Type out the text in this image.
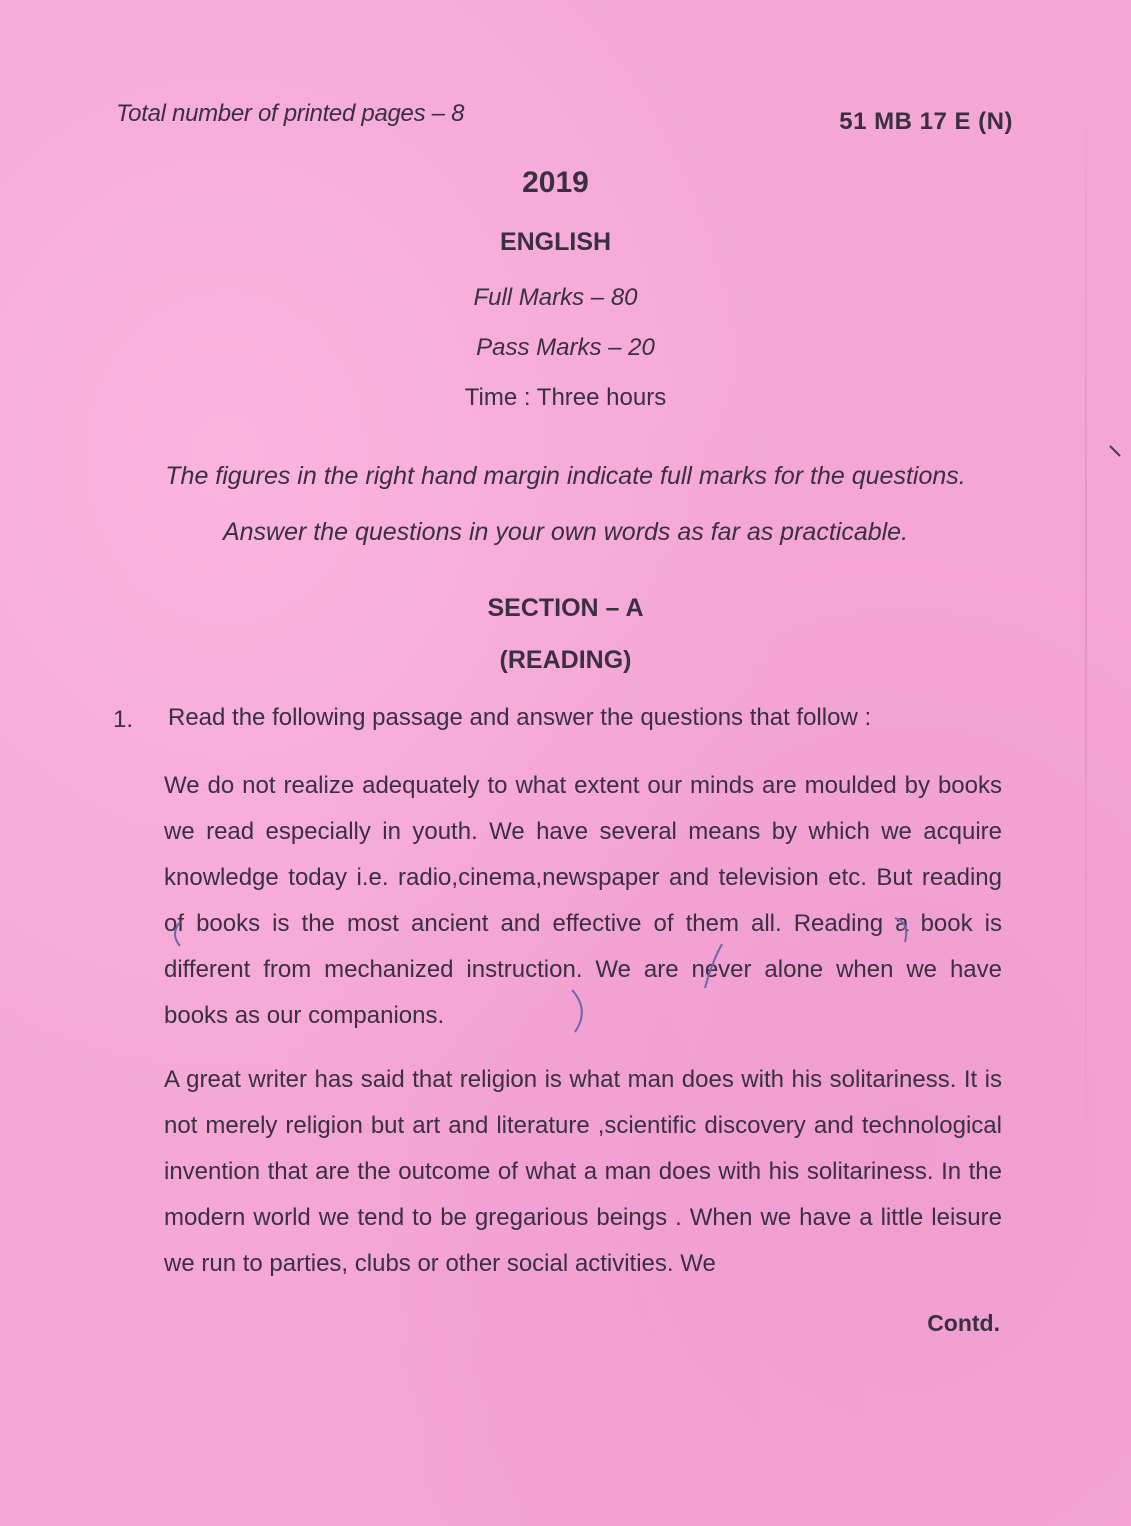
Total number of printed pages – 8	51 MB 17 E (N)
2019
ENGLISH
Full Marks – 80
Pass Marks – 20
Time : Three hours
The figures in the right hand margin indicate full marks for the questions.
Answer the questions in your own words as far as practicable.
SECTION – A
(READING)
1. Read the following passage and answer the questions that follow :
We do not realize adequately to what extent our minds are moulded by books we read especially in youth. We have several means by which we acquire knowledge today i.e. radio,cinema,newspaper and television etc. But reading of books is the most ancient and effective of them all. Reading a book is different from mechanized instruction. We are never alone when we have books as our companions.
A great writer has said that religion is what man does with his solitariness. It is not merely religion but art and literature ,scientific discovery and technological invention that are the outcome of what a man does with his solitariness. In the modern world we tend to be gregarious beings . When we have a little leisure we run to parties, clubs or other social activities. We
Contd.
